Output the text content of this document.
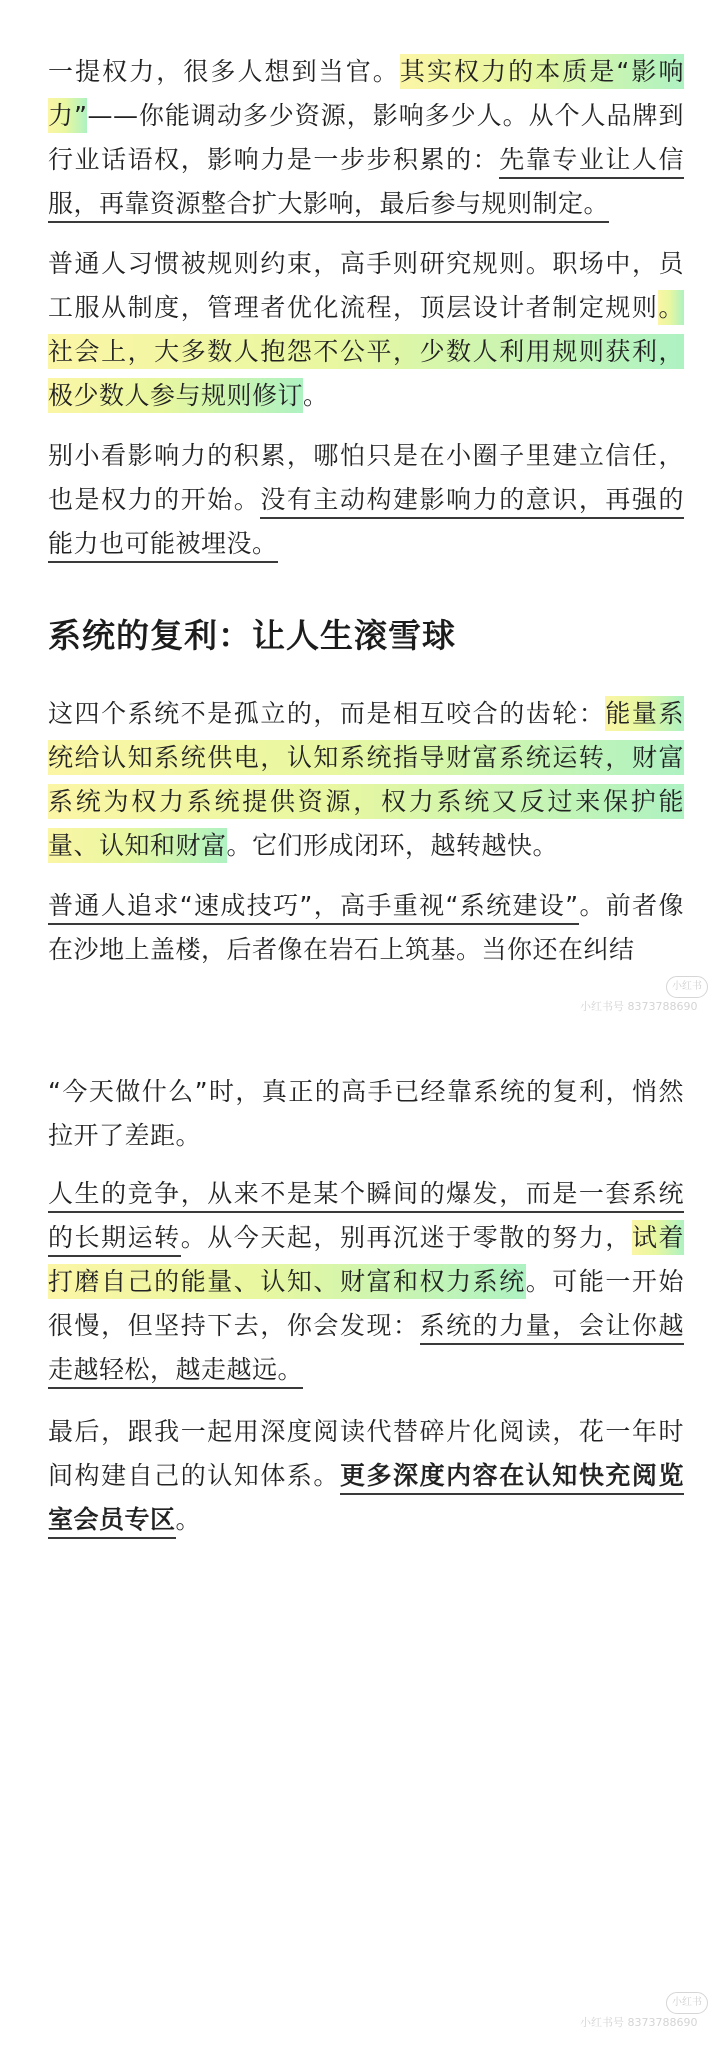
一提权力，很多人想到当官。其实权力的本质是“影响力”——你能调动多少资源，影响多少人。从个人品牌到行业话语权，影响力是一步步积累的：先靠专业让人信服，再靠资源整合扩大影响，最后参与规则制定。

普通人习惯被规则约束，高手则研究规则。职场中，员工服从制度，管理者优化流程，顶层设计者制定规则。社会上，大多数人抱怨不公平，少数人利用规则获利，极少数人参与规则修订。

别小看影响力的积累，哪怕只是在小圈子里建立信任，也是权力的开始。没有主动构建影响力的意识，再强的能力也可能被埋没。

系统的复利：让人生滚雪球

这四个系统不是孤立的，而是相互咬合的齿轮：能量系统给认知系统供电，认知系统指导财富系统运转，财富系统为权力系统提供资源，权力系统又反过来保护能量、认知和财富。它们形成闭环，越转越快。

普通人追求“速成技巧”，高手重视“系统建设”。前者像在沙地上盖楼，后者像在岩石上筑基。当你还在纠结

“今天做什么”时，真正的高手已经靠系统的复利，悄然拉开了差距。

人生的竞争，从来不是某个瞬间的爆发，而是一套系统的长期运转。从今天起，别再沉迷于零散的努力，试着打磨自己的能量、认知、财富和权力系统。可能一开始很慢，但坚持下去，你会发现：系统的力量，会让你越走越轻松，越走越远。

最后，跟我一起用深度阅读代替碎片化阅读，花一年时间构建自己的认知体系。更多深度内容在认知快充阅览室会员专区。

小红书
小红书号 8373788690
小红书
小红书号 8373788690
